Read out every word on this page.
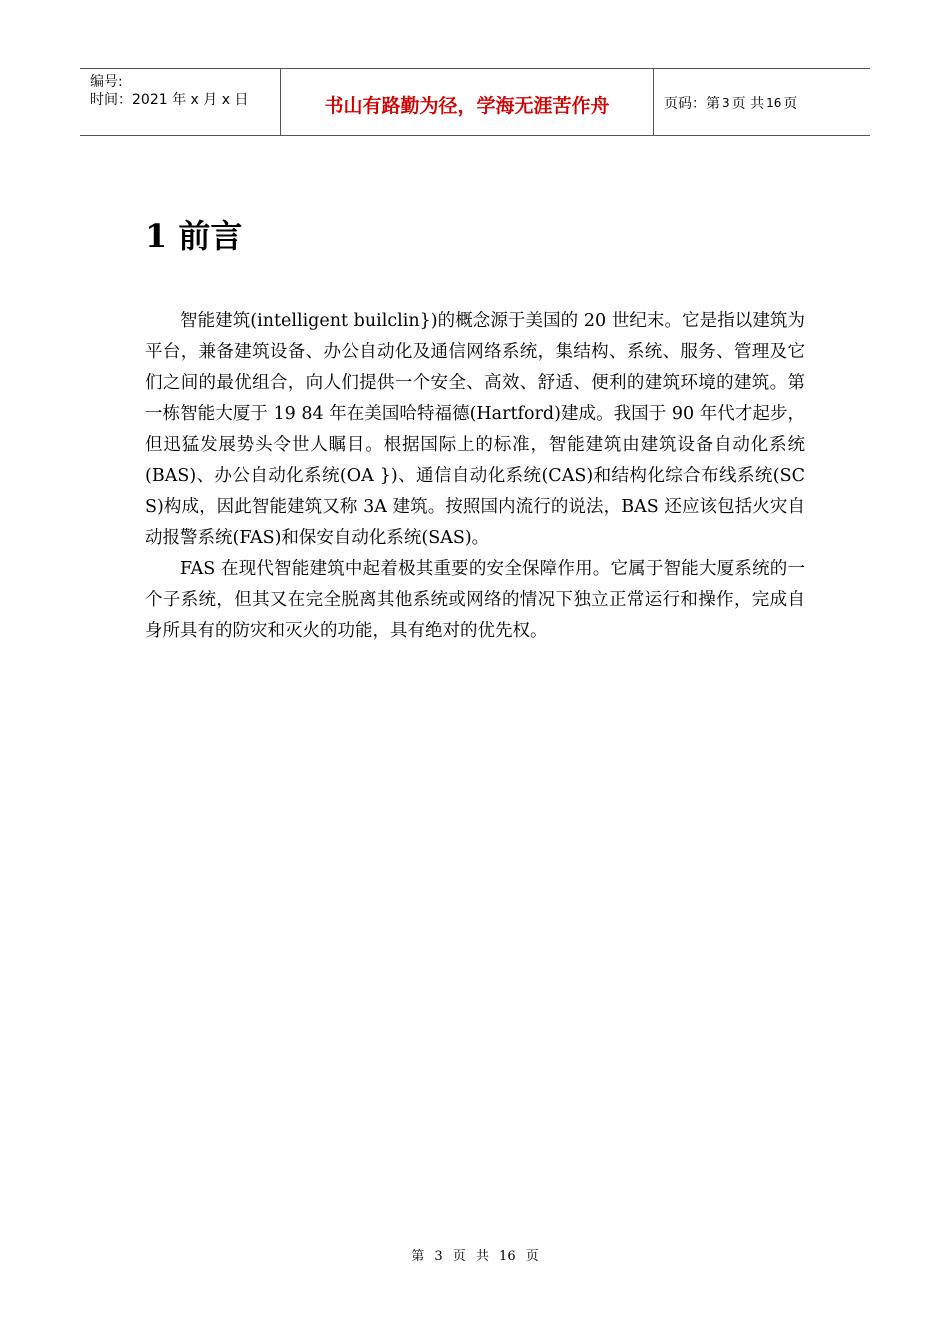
编号:
时间：2021 年 x 月 x 日	书山有路勤为径，学海无涯苦作舟	页码：第 3 页 共 16 页
1 前言

智能建筑(intelligent builclin})的概念源于美国的 20 世纪末。它是指以建筑为平台，兼备建筑设备、办公自动化及通信网络系统，集结构、系统、服务、管理及它们之间的最优组合，向人们提供一个安全、高效、舒适、便利的建筑环境的建筑。第一栋智能大厦于 19 84 年在美国哈特福德(Hartford)建成。我国于 90 年代才起步，但迅猛发展势头令世人瞩目。根据国际上的标准，智能建筑由建筑设备自动化系统(BAS)、办公自动化系统(OA })、通信自动化系统(CAS)和结构化综合布线系统(SC S)构成，因此智能建筑又称 3A 建筑。按照国内流行的说法，BAS 还应该包括火灾自动报警系统(FAS)和保安自动化系统(SAS)。

FAS 在现代智能建筑中起着极其重要的安全保障作用。它属于智能大厦系统的一个子系统，但其又在完全脱离其他系统或网络的情况下独立正常运行和操作，完成自身所具有的防灾和灭火的功能，具有绝对的优先权。

第 3 页 共 16 页
